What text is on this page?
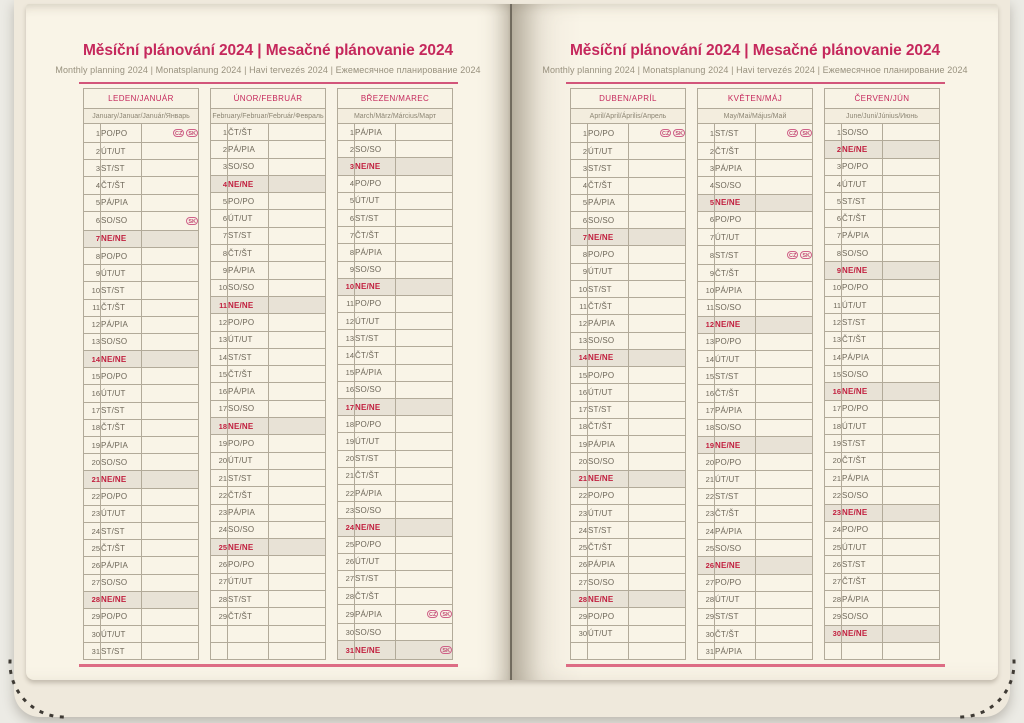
Měsíční plánování 2024 | Mesačné plánovanie 2024
Monthly planning 2024 | Monatsplanung 2024 | Havi tervezés 2024 | Ежемесячное планирование 2024
LEDEN/JANUÁR		
January/Januar/Január/Январь		
1	PO/PO	CZ SK
2	ÚT/UT	
3	ST/ST	
4	ČT/ŠT	
5	PÁ/PIA	
6	SO/SO	SK
7	NE/NE	
8	PO/PO	
9	ÚT/UT	
10	ST/ST	
11	ČT/ŠT	
12	PÁ/PIA	
13	SO/SO	
14	NE/NE	
15	PO/PO	
16	ÚT/UT	
17	ST/ST	
18	ČT/ŠT	
19	PÁ/PIA	
20	SO/SO	
21	NE/NE	
22	PO/PO	
23	ÚT/UT	
24	ST/ST	
25	ČT/ŠT	
26	PÁ/PIA	
27	SO/SO	
28	NE/NE	
29	PO/PO	
30	ÚT/UT	
31	ST/ST	
ÚNOR/FEBRUÁR		
February/Februar/Február/Февраль		
1	ČT/ŠT	
2	PÁ/PIA	
3	SO/SO	
4	NE/NE	
5	PO/PO	
6	ÚT/UT	
7	ST/ST	
8	ČT/ŠT	
9	PÁ/PIA	
10	SO/SO	
11	NE/NE	
12	PO/PO	
13	ÚT/UT	
14	ST/ST	
15	ČT/ŠT	
16	PÁ/PIA	
17	SO/SO	
18	NE/NE	
19	PO/PO	
20	ÚT/UT	
21	ST/ST	
22	ČT/ŠT	
23	PÁ/PIA	
24	SO/SO	
25	NE/NE	
26	PO/PO	
27	ÚT/UT	
28	ST/ST	
29	ČT/ŠT	

BŘEZEN/MAREC		
March/März/Március/Март		
1	PÁ/PIA	
2	SO/SO	
3	NE/NE	
4	PO/PO	
5	ÚT/UT	
6	ST/ST	
7	ČT/ŠT	
8	PÁ/PIA	
9	SO/SO	
10	NE/NE	
11	PO/PO	
12	ÚT/UT	
13	ST/ST	
14	ČT/ŠT	
15	PÁ/PIA	
16	SO/SO	
17	NE/NE	
18	PO/PO	
19	ÚT/UT	
20	ST/ST	
21	ČT/ŠT	
22	PÁ/PIA	
23	SO/SO	
24	NE/NE	
25	PO/PO	
26	ÚT/UT	
27	ST/ST	
28	ČT/ŠT	
29	PÁ/PIA	CZ SK
30	SO/SO	
31	NE/NE	SK
Měsíční plánování 2024 | Mesačné plánovanie 2024
Monthly planning 2024 | Monatsplanung 2024 | Havi tervezés 2024 | Ежемесячное планирование 2024
DUBEN/APRÍL		
April/April/Április/Апрель		
1	PO/PO	CZ SK
2	ÚT/UT	
3	ST/ST	
4	ČT/ŠT	
5	PÁ/PIA	
6	SO/SO	
7	NE/NE	
8	PO/PO	
9	ÚT/UT	
10	ST/ST	
11	ČT/ŠT	
12	PÁ/PIA	
13	SO/SO	
14	NE/NE	
15	PO/PO	
16	ÚT/UT	
17	ST/ST	
18	ČT/ŠT	
19	PÁ/PIA	
20	SO/SO	
21	NE/NE	
22	PO/PO	
23	ÚT/UT	
24	ST/ST	
25	ČT/ŠT	
26	PÁ/PIA	
27	SO/SO	
28	NE/NE	
29	PO/PO	
30	ÚT/UT	

KVĚTEN/MÁJ		
May/Mai/Május/Май		
1	ST/ST	CZ SK
2	ČT/ŠT	
3	PÁ/PIA	
4	SO/SO	
5	NE/NE	
6	PO/PO	
7	ÚT/UT	
8	ST/ST	CZ SK
9	ČT/ŠT	
10	PÁ/PIA	
11	SO/SO	
12	NE/NE	
13	PO/PO	
14	ÚT/UT	
15	ST/ST	
16	ČT/ŠT	
17	PÁ/PIA	
18	SO/SO	
19	NE/NE	
20	PO/PO	
21	ÚT/UT	
22	ST/ST	
23	ČT/ŠT	
24	PÁ/PIA	
25	SO/SO	
26	NE/NE	
27	PO/PO	
28	ÚT/UT	
29	ST/ST	
30	ČT/ŠT	
31	PÁ/PIA	
ČERVEN/JÚN		
June/Juni/Június/Июнь		
1	SO/SO	
2	NE/NE	
3	PO/PO	
4	ÚT/UT	
5	ST/ST	
6	ČT/ŠT	
7	PÁ/PIA	
8	SO/SO	
9	NE/NE	
10	PO/PO	
11	ÚT/UT	
12	ST/ST	
13	ČT/ŠT	
14	PÁ/PIA	
15	SO/SO	
16	NE/NE	
17	PO/PO	
18	ÚT/UT	
19	ST/ST	
20	ČT/ŠT	
21	PÁ/PIA	
22	SO/SO	
23	NE/NE	
24	PO/PO	
25	ÚT/UT	
26	ST/ST	
27	ČT/ŠT	
28	PÁ/PIA	
29	SO/SO	
30	NE/NE	
